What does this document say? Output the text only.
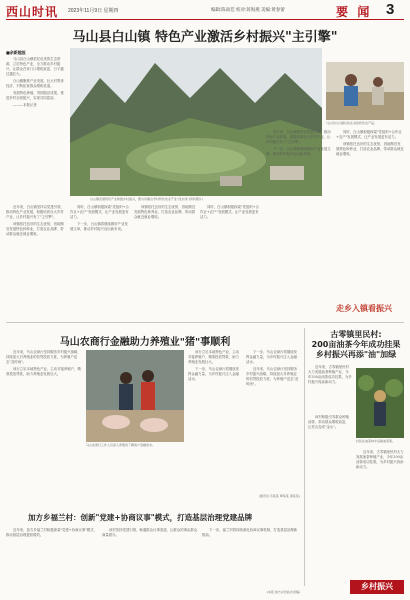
西山时讯 2023年11月9日 星期四	编辑:陈雨佳 校对:蒋海燕 美编:黄春蕾	要 闻 3
马山县白山镇 特色产业激活乡村振兴"主引擎"
■余新越报

马山县白山镇依托优美的生态资源，立足特色产业，全力推动乡村振兴，让群众在家门口增收致富，日子越过越红火。

白山镇聚焦产业发展，壮大村集体经济，不断拓宽群众增收渠道。

发展特色种植，巩固脱贫成果，推进乡村全面振兴，实现共同富裕。

———本报记者

白山镇发展特色产业助推乡村振兴，图为该镇古零村特色农业产业"流水线"(资料图片)
马山县白山镇村民在采收特色农产品。

近年来，白山镇坚持以党建引领，推动特色产业发展，积极培育壮大乡村产业，让乡村振兴有了"主引擎"。

该镇依托良好的生态优势，因地制宜发展特色种养业，打造农业品牌，带动群众就近就业增收。

同时，白山镇积极探索"党组织+合作社+农户"发展模式，让产业发展更有活力。

下一步，白山镇将继续做好产业发展文章，推动乡村振兴迈出新步伐。

该镇依托良好的生态优势，因地制宜发展特色种养业，打造农业品牌，带动群众就近就业增收。

同时，白山镇积极探索"党组织+合作社+农户"发展模式，让产业发展更有活力。

近年来，白山镇坚持以党建引领，推动特色产业发展，积极培育壮大乡村产业，让乡村振兴有了"主引擎"。

下一步，白山镇将继续做好产业发展文章，推动乡村振兴迈出新步伐。

同时，白山镇积极探索"党组织+合作社+农户"发展模式，让产业发展更有活力。

该镇依托良好的生态优势，因地制宜发展特色种养业，打造农业品牌，带动群众就近就业增收。

走乡入镇看振兴
马山农商行金融助力养殖业"猪"事顺利

近年来，马山农商行坚持服务乡村振兴战略，持续加大对养殖业的信贷投放力度，为养殖户送去"及时雨"。

该行立足本地特色产业，主动对接养殖户，精准投放贷款，助力养殖业发展壮大。

马山农商行工作人员深入养殖场了解客户金融需求。

该行立足本地特色产业，主动对接养殖户，精准投放贷款，助力养殖业发展壮大。

下一步，马山农商行将继续发挥金融力量，为乡村振兴注入金融活水。

下一步，马山农商行将继续发挥金融力量，为乡村振兴注入金融活水。

近年来，马山农商行坚持服务乡村振兴战略，持续加大对养殖业的信贷投放力度，为养殖户送去"及时雨"。

(通讯员:韦某某 覃某某 黄某某)
古零镇里民村:
200亩油茶今年成功挂果
乡村振兴再添"油"加绿

近年来，古零镇里民村大力发展油茶种植产业，今年200亩油茶成功挂果，为乡村振兴再添新动力。

村民在油茶林中采摘油茶果。

该村积极引导群众种植油茶，带动群众增收致富，让荒山变成"金山"。

近年来，古零镇里民村大力发展油茶种植产业，今年200亩油茶成功挂果，为乡村振兴再添新动力。

加方乡福兰村：创新"党建+协商议事"模式，打造基层治理党建品牌

近年来，加方乡福兰村积极探索"党建+协商议事"模式，推动基层治理提质增效。

该村坚持党建引领，畅通群众议事渠道，让群众的事由群众商量着办。

下一步，福兰村将持续深化协商议事机制，打造基层治理新格局。

(本报:加方乡党政办供稿)
乡村振兴
